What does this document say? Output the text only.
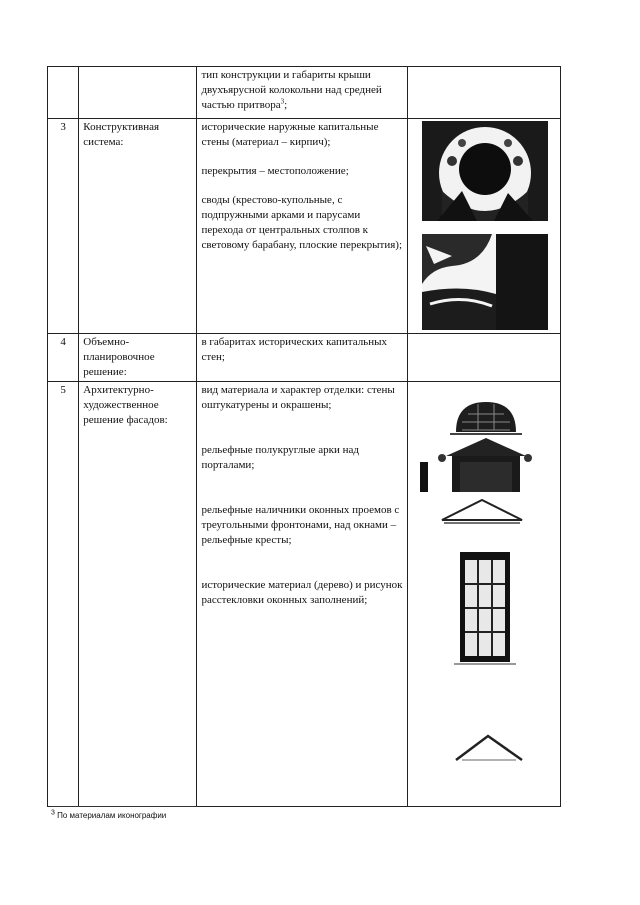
		тип конструкции и габариты крыши двухъярусной колокольни над средней частью притвора$^3$;	

3	Конструктивная система:	исторические наружные капитальные стены (материал – кирпич);
перекрытия – местоположение;
своды (крестово-купольные, с подпружными арками и парусами перехода от центральных столпов к световому барабану, плоские перекрытия);

4	Объемно-планировочное решение:	в габаритах исторических капитальных стен;	

5	Архитектурно-художественное решение фасадов:	вид материала и характер отделки: стены оштукатурены и окрашены;
рельефные полукруглые арки над порталами;
рельефные наличники оконных проемов с треугольными фронтонами, над окнами – рельефные кресты;
исторические материал (дерево) и рисунок расстекловки оконных заполнений;

$^3$ По материалам иконографии
